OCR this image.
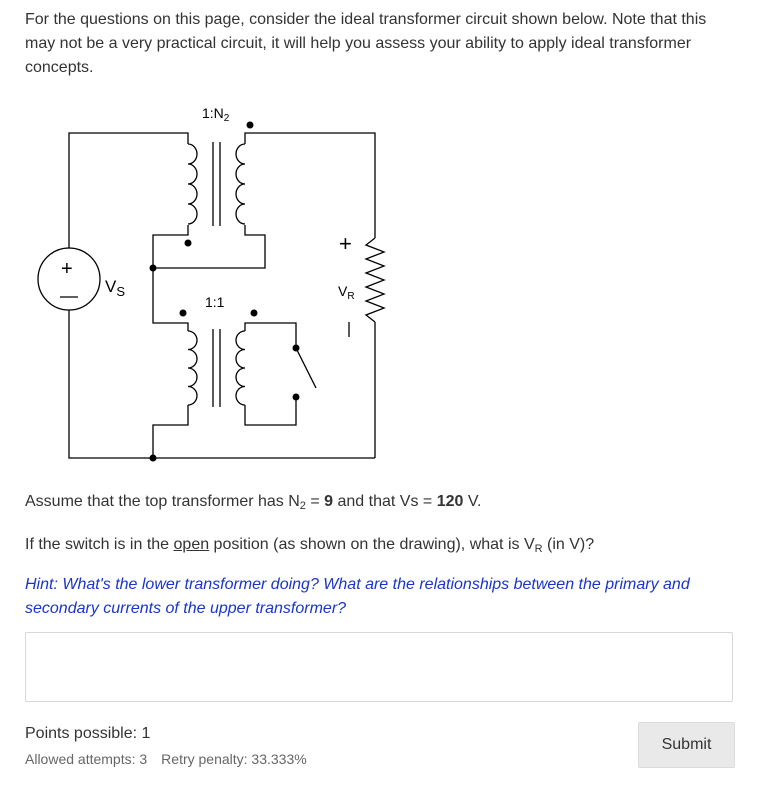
For the questions on this page, consider the ideal transformer circuit shown below. Note that this may not be a very practical circuit, it will help you assess your ability to apply ideal transformer concepts.

$1:N_2$
1:1
+
$V_S$
+
$V_R$

Assume that the top transformer has $N_2 = 9$ and that Vs = 120 V.

If the switch is in the open position (as shown on the drawing), what is $V_R$ (in V)?

Hint: What's the lower transformer doing? What are the relationships between the primary and secondary currents of the upper transformer?

Points possible: 1
Allowed attempts: 3 Retry penalty: 33.333%
Submit
